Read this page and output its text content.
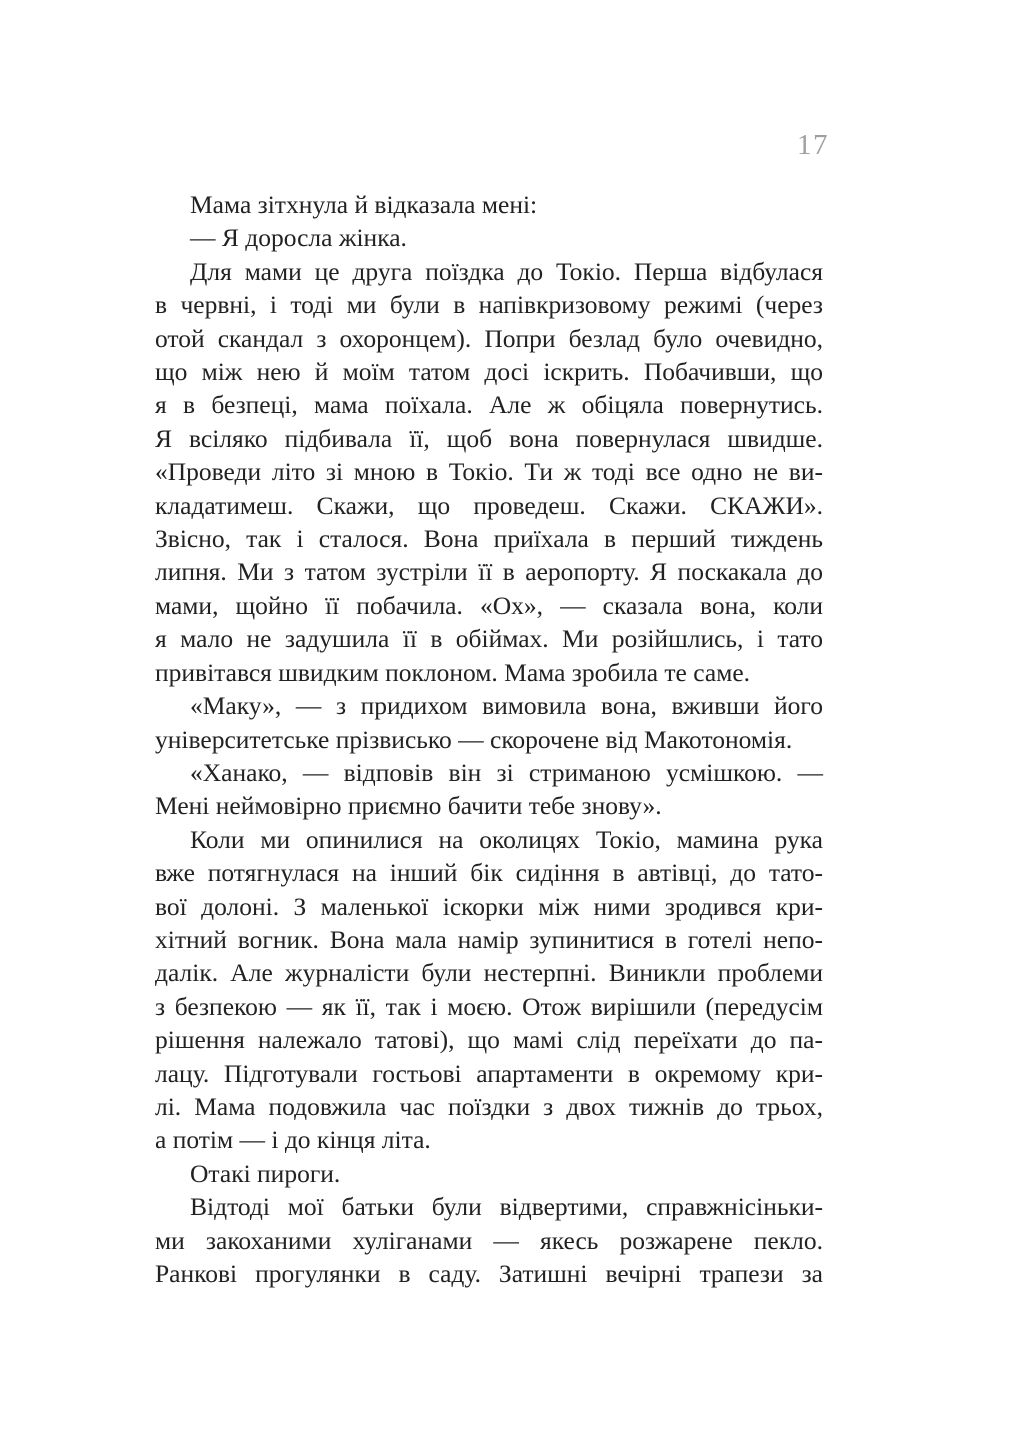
17
Мама зітхнула й відказала мені:
— Я доросла жінка.
Для мами це друга поїздка до Токіо. Перша відбулася
в червні, і тоді ми були в напівкризовому режимі (через
отой скандал з охоронцем). Попри безлад було очевидно,
що між нею й моїм татом досі іскрить. Побачивши, що
я в безпеці, мама поїхала. Але ж обіцяла повернутись.
Я всіляко підбивала її, щоб вона повернулася швидше.
«Проведи літо зі мною в Токіо. Ти ж тоді все одно не ви-
кладатимеш. Скажи, що проведеш. Скажи. СКАЖИ».
Звісно, так і сталося. Вона приїхала в перший тиждень
липня. Ми з татом зустріли її в аеропорту. Я поскакала до
мами, щойно її побачила. «Ох», — сказала вона, коли
я мало не задушила її в обіймах. Ми розійшлись, і тато
привітався швидким поклоном. Мама зробила те саме.
«Маку», — з придихом вимовила вона, вживши його
університетське прізвисько — скорочене від Макотономія.
«Ханако, — відповів він зі стриманою усмішкою. —
Мені неймовірно приємно бачити тебе знову».
Коли ми опинилися на околицях Токіо, мамина рука
вже потягнулася на інший бік сидіння в автівці, до тато-
вої долоні. З маленької іскорки між ними зродився кри-
хітний вогник. Вона мала намір зупинитися в готелі непо-
далік. Але журналісти були нестерпні. Виникли проблеми
з безпекою — як її, так і моєю. Отож вирішили (передусім
рішення належало татові), що мамі слід переїхати до па-
лацу. Підготували гостьові апартаменти в окремому кри-
лі. Мама подовжила час поїздки з двох тижнів до трьох,
а потім — і до кінця літа.
Отакі пироги.
Відтоді мої батьки були відвертими, справжнісіньки-
ми закоханими хуліганами — якесь розжарене пекло.
Ранкові прогулянки в саду. Затишні вечірні трапези за
